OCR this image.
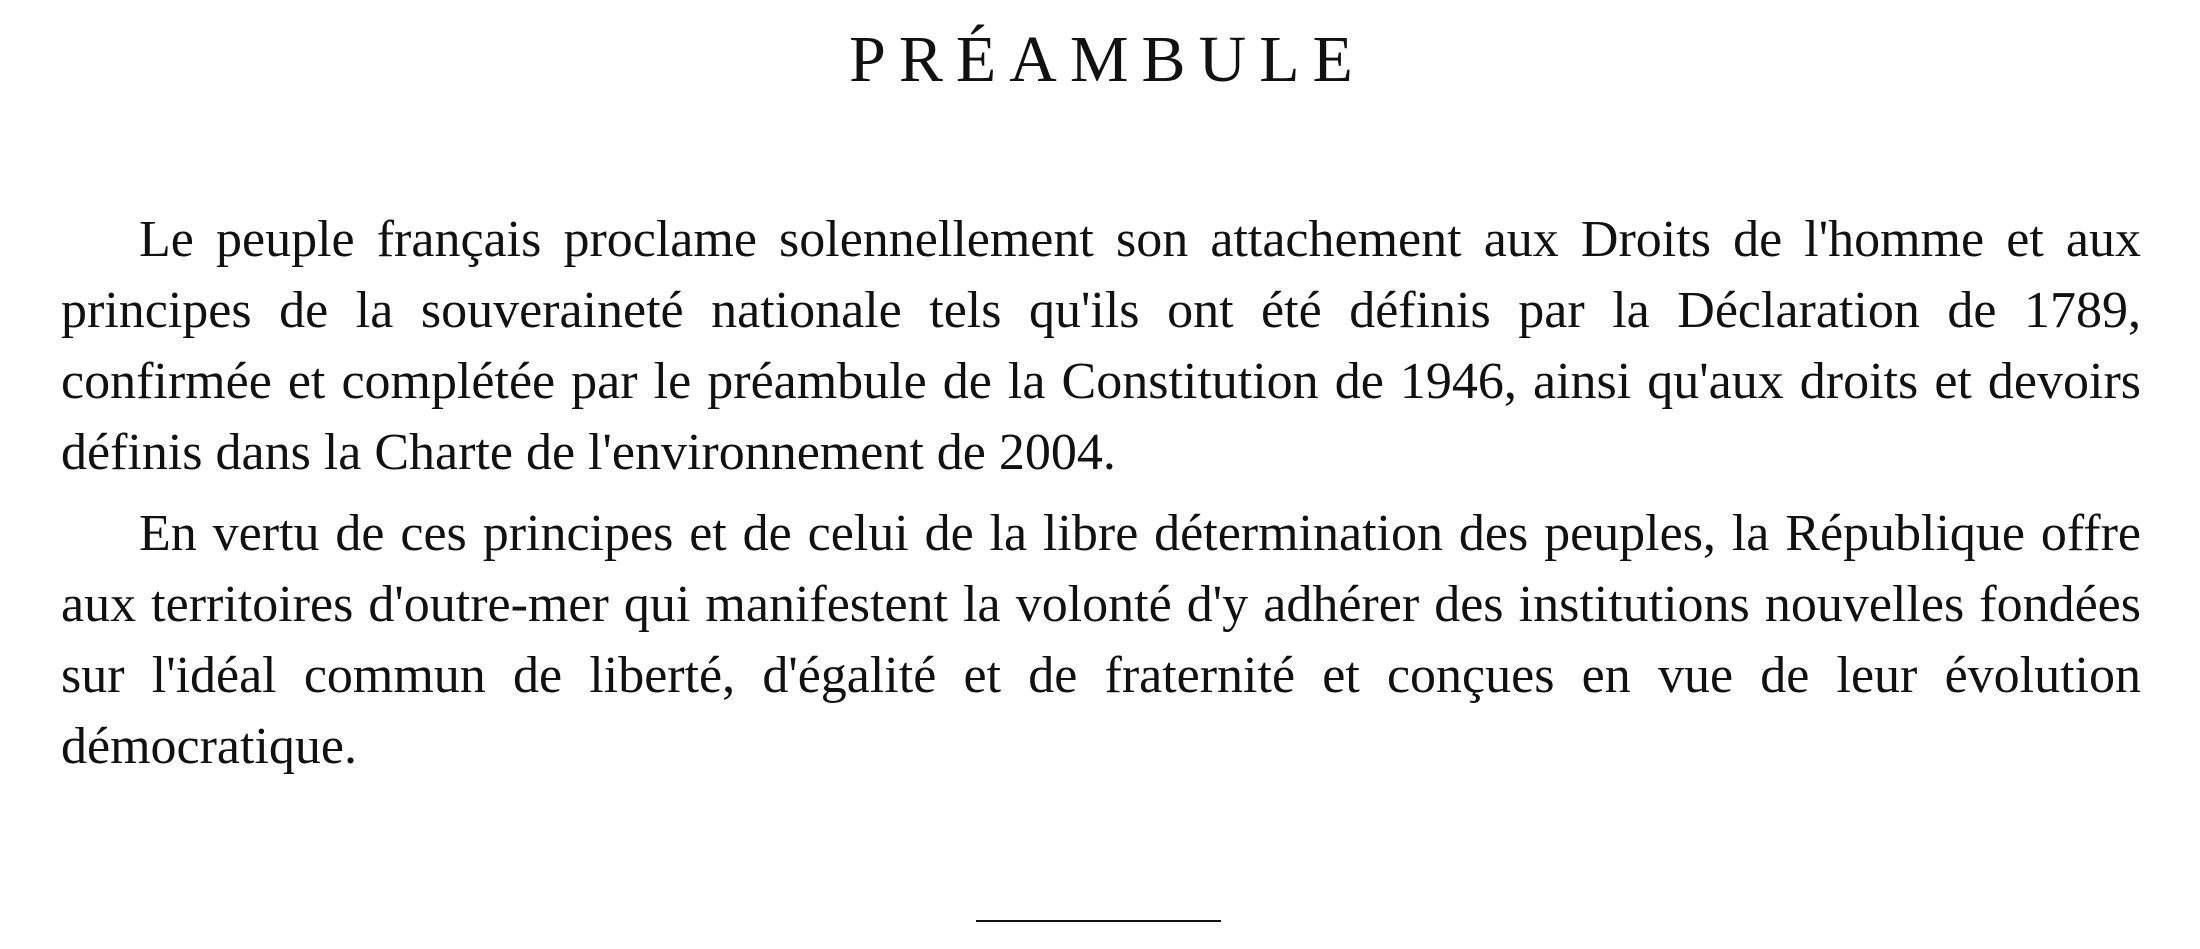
PRÉAMBULE

Le peuple français proclame solennellement son attachement aux Droits de l'homme et aux principes de la souveraineté nationale tels qu'ils ont été définis par la Déclaration de 1789, confirmée et complétée par le préambule de la Constitution de 1946, ainsi qu'aux droits et devoirs définis dans la Charte de l'environnement de 2004.

En vertu de ces principes et de celui de la libre détermination des peuples, la République offre aux territoires d'outre-mer qui manifestent la volonté d'y adhérer des institutions nouvelles fondées sur l'idéal commun de liberté, d'égalité et de fraternité et conçues en vue de leur évolution démocratique.
